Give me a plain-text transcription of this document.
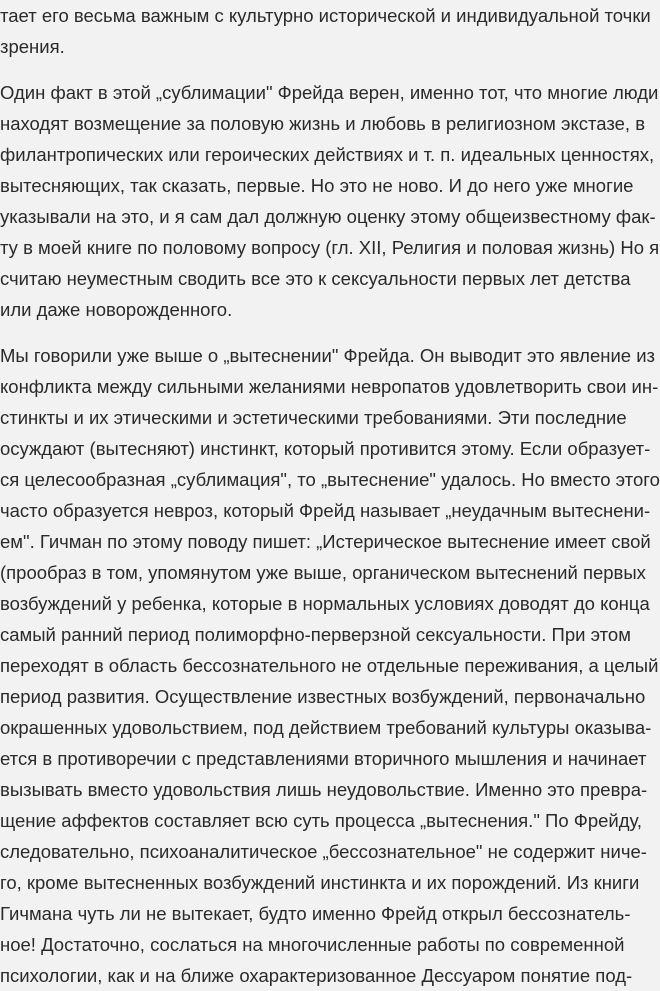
тает его весьма важным с культурно исторической и индивидуальной точки
зрения.

Один факт в этой „сублимации" Фрейда верен, именно тот, что многие люди
находят возмещение за половую жизнь и любовь в религиозном экстазе, в
филантропических или героических действиях и т. п. идеальных ценностях,
вытесняющих, так сказать, первые. Но это не ново. И до него уже многие
указывали на это, и я сам дал должную оценку этому общеизвестному фак-
ту в моей книге по половому вопросу (гл. XII, Религия и половая жизнь) Но я
считаю неуместным сводить все это к сексуальности первых лет детства
или даже новорожденного.

Мы говорили уже выше о „вытеснении" Фрейда. Он выводит это явление из
конфликта между сильными желаниями невропатов удовлетворить свои ин-
стинкты и их этическими и эстетическими требованиями. Эти последние
осуждают (вытесняют) инстинкт, который противится этому. Если образует-
ся целесообразная „сублимация", то „вытеснение" удалось. Но вместо этого
часто образуется невроз, который Фрейд называет „неудачным вытеснени-
ем". Гичман по этому поводу пишет: „Истерическое вытеснение имеет свой
(прообраз в том, упомянутом уже выше, органическом вытеснений первых
возбуждений у ребенка, которые в нормальных условиях доводят до конца
самый ранний период полиморфно-перверзной сексуальности. При этом
переходят в область бессознательного не отдельные переживания, а целый
период развития. Осуществление известных возбуждений, первоначально
окрашенных удовольствием, под действием требований культуры оказыва-
ется в противоречии с представлениями вторичного мышления и начинает
вызывать вместо удовольствия лишь неудовольствие. Именно это превра-
щение аффектов составляет всю суть процесса „вытеснения." По Фрейду,
следовательно, психоаналитическое „бессознательное" не содержит ниче-
го, кроме вытесненных возбуждений инстинкта и их порождений. Из книги
Гичмана чуть ли не вытекает, будто именно Фрейд открыл бессознатель-
ное! Достаточно, сослаться на многочисленные работы по современной
психологии, как и на ближе охарактеризованное Дессуаром понятие под-
